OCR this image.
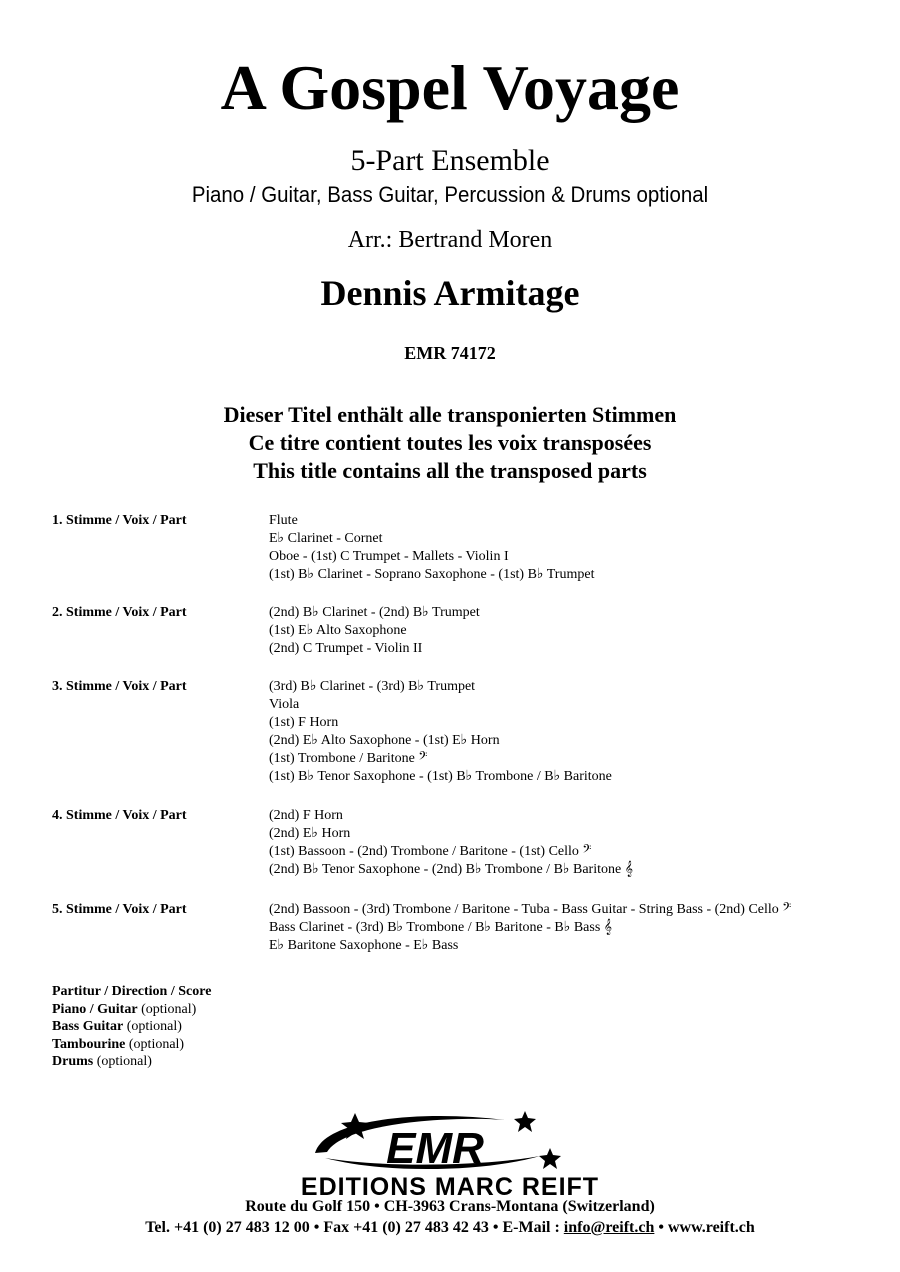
A Gospel Voyage
5-Part Ensemble
Piano / Guitar, Bass Guitar, Percussion & Drums optional
Arr.: Bertrand Moren
Dennis Armitage
EMR 74172
Dieser Titel enthält alle transponierten Stimmen
Ce titre contient toutes les voix transposées
This title contains all the transposed parts
1. Stimme / Voix / Part	Flute
E♭ Clarinet - Cornet
Oboe - (1st) C Trumpet - Mallets - Violin I
(1st) B♭ Clarinet - Soprano Saxophone - (1st) B♭ Trumpet
2. Stimme / Voix / Part	(2nd) B♭ Clarinet - (2nd) B♭ Trumpet
(1st) E♭ Alto Saxophone
(2nd) C Trumpet - Violin II
3. Stimme / Voix / Part	(3rd) B♭ Clarinet - (3rd) B♭ Trumpet
Viola
(1st) F Horn
(2nd) E♭ Alto Saxophone - (1st) E♭ Horn
(1st) Trombone / Baritone 𝄢
(1st) B♭ Tenor Saxophone - (1st) B♭ Trombone / B♭ Baritone
4. Stimme / Voix / Part	(2nd) F Horn
(2nd) E♭ Horn
(1st) Bassoon - (2nd) Trombone / Baritone - (1st) Cello 𝄢
(2nd) B♭ Tenor Saxophone - (2nd) B♭ Trombone / B♭ Baritone 𝄞
5. Stimme / Voix / Part	(2nd) Bassoon - (3rd) Trombone / Baritone - Tuba - Bass Guitar - String Bass - (2nd) Cello 𝄢
Bass Clarinet - (3rd) B♭ Trombone / B♭ Baritone - B♭ Bass 𝄞
E♭ Baritone Saxophone - E♭ Bass
Partitur / Direction / Score
Piano / Guitar (optional)
Bass Guitar (optional)
Tambourine (optional)
Drums (optional)
EMR
EDITIONS MARC REIFT
Route du Golf 150 • CH-3963 Crans-Montana (Switzerland)
Tel. +41 (0) 27 483 12 00 • Fax +41 (0) 27 483 42 43 • E-Mail : info@reift.ch • www.reift.ch
